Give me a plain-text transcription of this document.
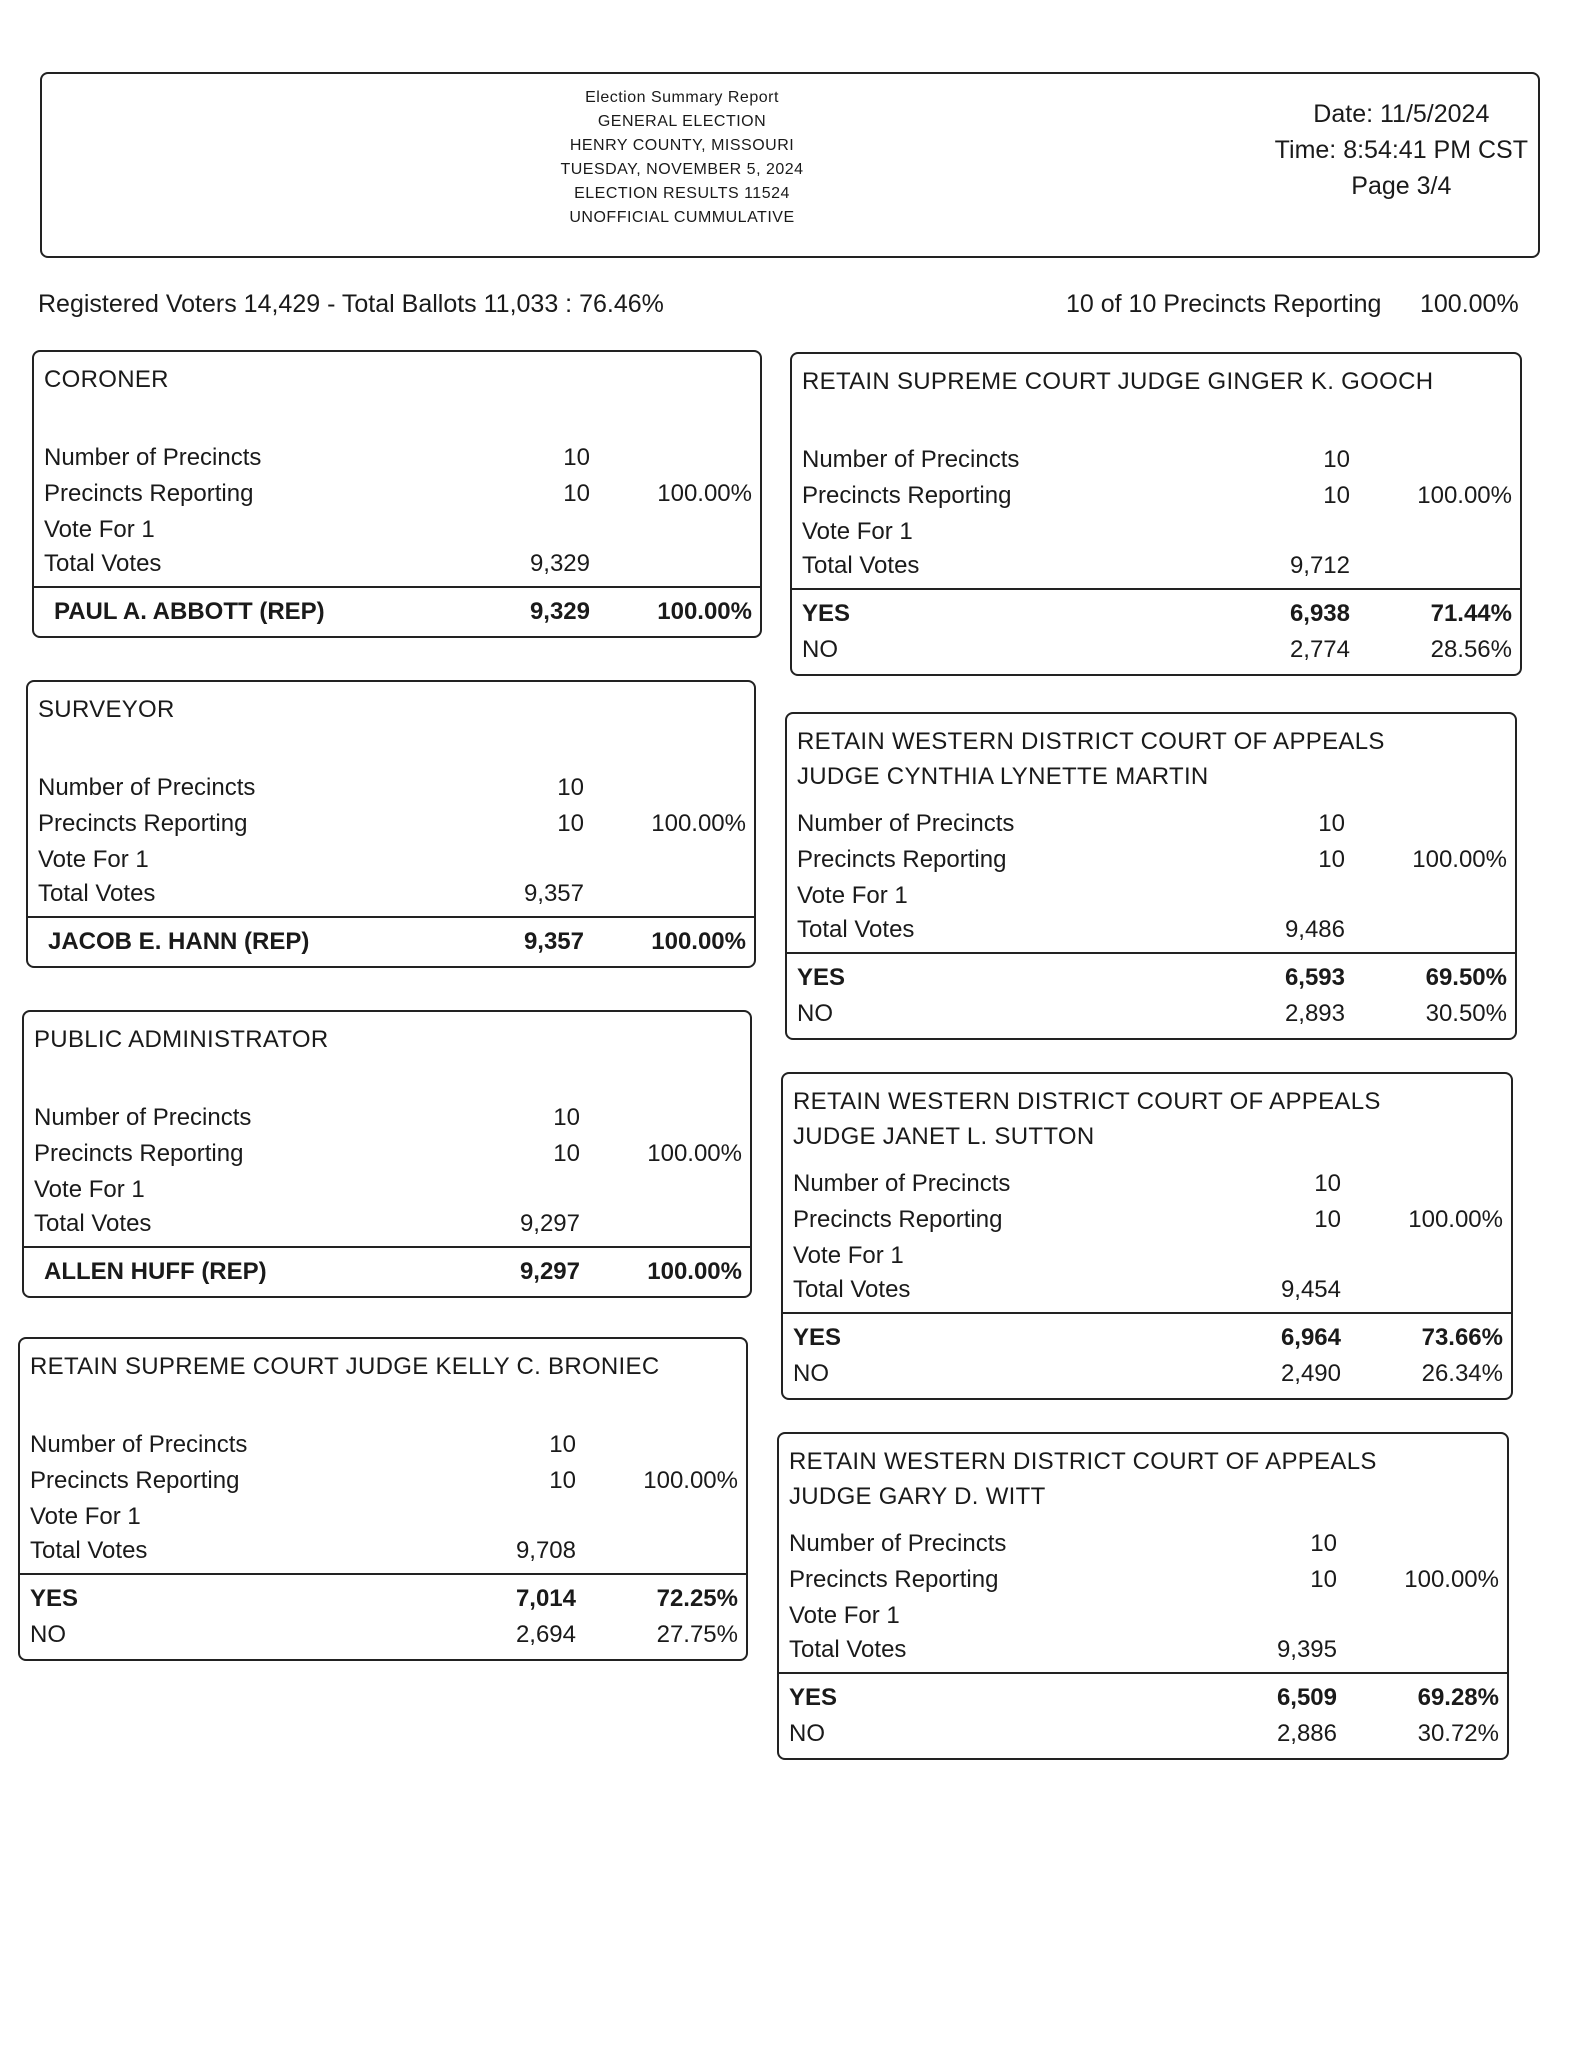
Election Summary Report
GENERAL ELECTION
HENRY COUNTY, MISSOURI
TUESDAY, NOVEMBER 5, 2024
ELECTION RESULTS 11524
UNOFFICIAL CUMMULATIVE
Date: 11/5/2024
Time: 8:54:41 PM CST
Page 3/4
Registered Voters 14,429 - Total Ballots 11,033 : 76.46%	10 of 10 Precincts Reporting 100.00%
CORONER
Number of Precincts	10
Precincts Reporting	10	100.00%
Vote For 1
Total Votes	9,329
PAUL A. ABBOTT (REP)	9,329	100.00%
SURVEYOR
Number of Precincts	10
Precincts Reporting	10	100.00%
Vote For 1
Total Votes	9,357
JACOB E. HANN (REP)	9,357	100.00%
PUBLIC ADMINISTRATOR
Number of Precincts	10
Precincts Reporting	10	100.00%
Vote For 1
Total Votes	9,297
ALLEN HUFF (REP)	9,297	100.00%
RETAIN SUPREME COURT JUDGE KELLY C. BRONIEC
Number of Precincts	10
Precincts Reporting	10	100.00%
Vote For 1
Total Votes	9,708
YES	7,014	72.25%
NO	2,694	27.75%
RETAIN SUPREME COURT JUDGE GINGER K. GOOCH
Number of Precincts	10
Precincts Reporting	10	100.00%
Vote For 1
Total Votes	9,712
YES	6,938	71.44%
NO	2,774	28.56%
RETAIN WESTERN DISTRICT COURT OF APPEALS
JUDGE CYNTHIA LYNETTE MARTIN
Number of Precincts	10
Precincts Reporting	10	100.00%
Vote For 1
Total Votes	9,486
YES	6,593	69.50%
NO	2,893	30.50%
RETAIN WESTERN DISTRICT COURT OF APPEALS
JUDGE JANET L. SUTTON
Number of Precincts	10
Precincts Reporting	10	100.00%
Vote For 1
Total Votes	9,454
YES	6,964	73.66%
NO	2,490	26.34%
RETAIN WESTERN DISTRICT COURT OF APPEALS
JUDGE GARY D. WITT
Number of Precincts	10
Precincts Reporting	10	100.00%
Vote For 1
Total Votes	9,395
YES	6,509	69.28%
NO	2,886	30.72%
